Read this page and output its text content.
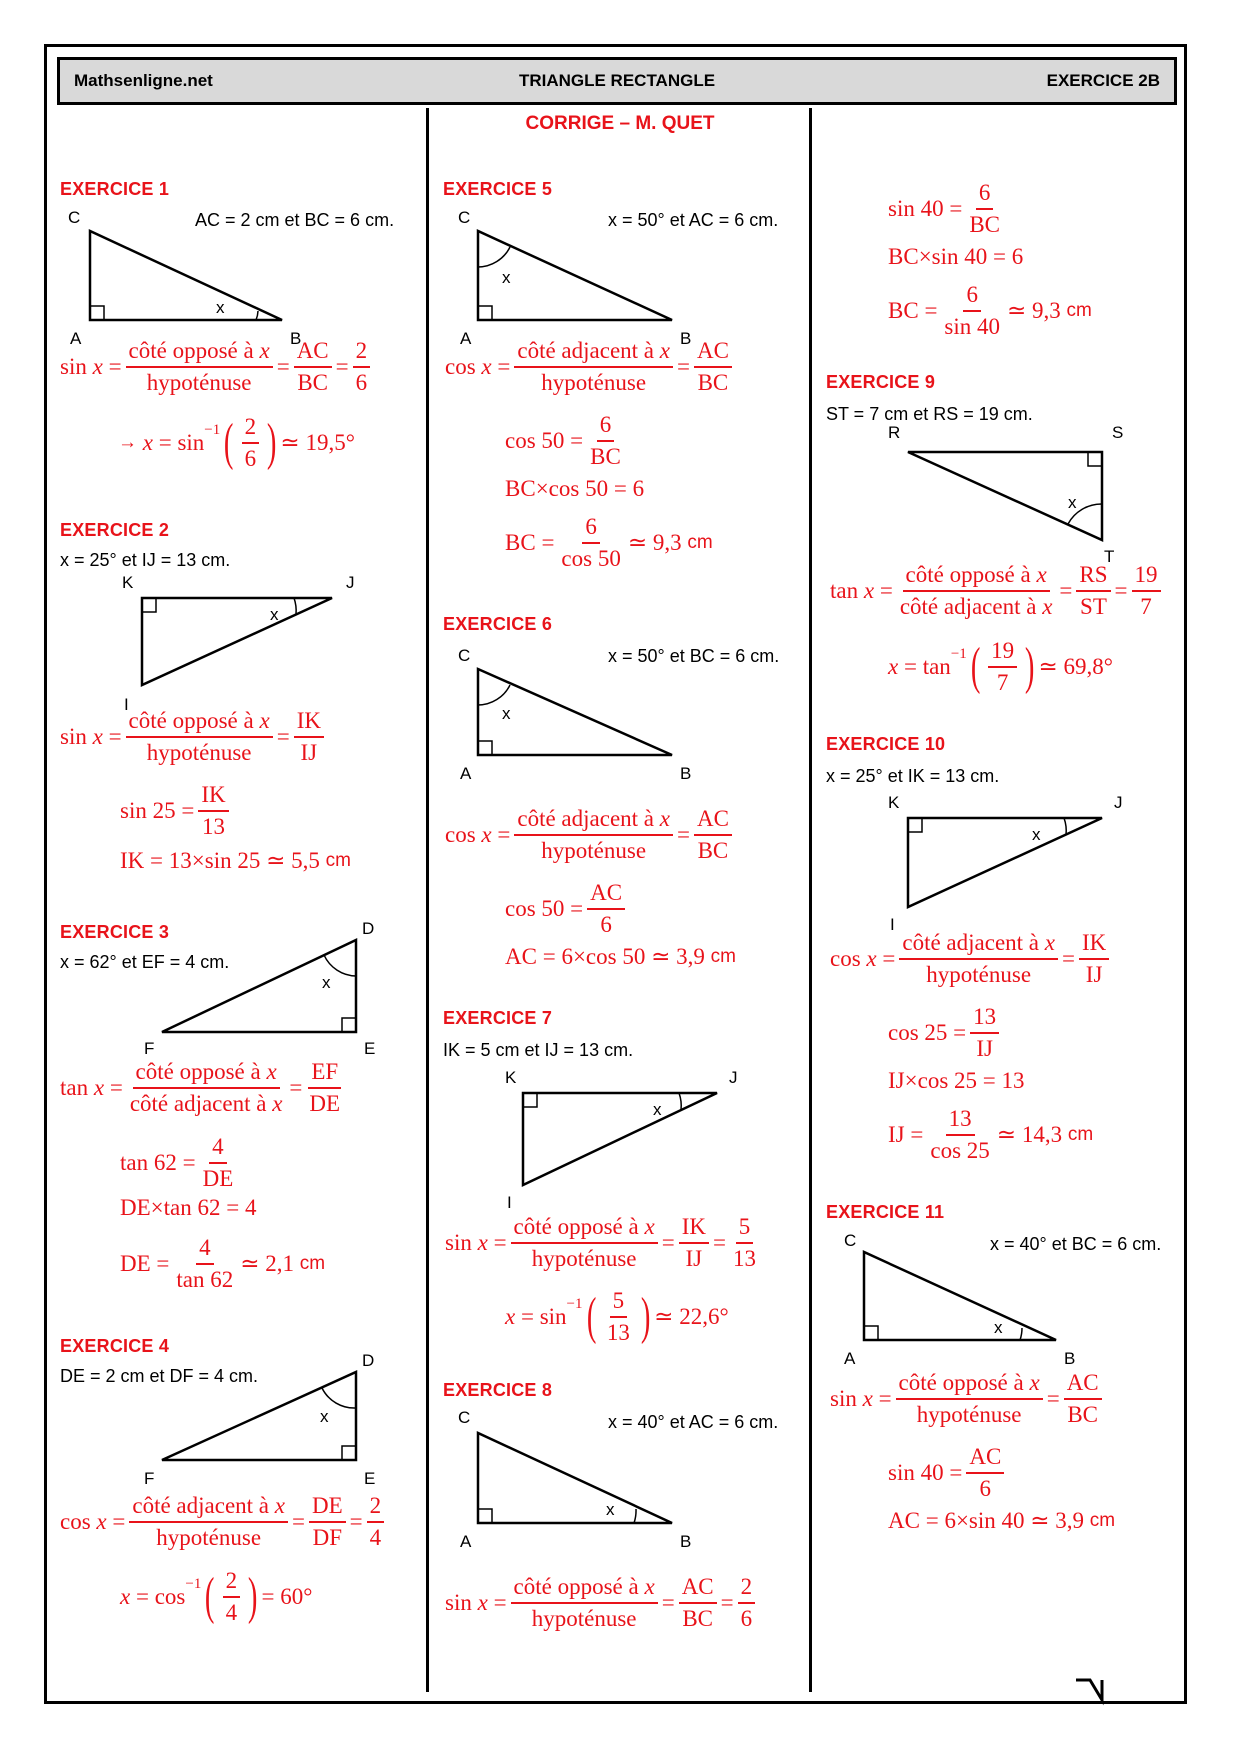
Mathsenligne.net	TRIANGLE RECTANGLE	EXERCICE 2B
CORRIGE – M. QUET
EXERCICE 1
AC = 2 cm et BC = 6 cm.
C
A	B
x
sin
x
= $\frac{\text{côté opposé à x}}{\text{hypoténuse}} = \frac{AC}{BC} = \frac{2}{6}$
→
x
=
sin −1 ( $\frac{2}{6}$ ) ≃
19,5 °
EXERCICE 2
x = 25° et IJ = 13 cm.
K	J
I
x
sin
x
= $\frac{\text{côté opposé à x}}{\text{hypoténuse}} = \frac{IK}{IJ}$
sin 25
= $\frac{IK}{13}$
IK
=
13 × sin 25
≃
5,5
cm
EXERCICE 3
x = 62° et EF = 4 cm.
D
F	E
x
tan
x
= $\frac{\text{côté opposé à x}}{\text{côté adjacent à x}} = \frac{EF}{DE}$
tan 62
= $\frac{4}{DE}$
DE × tan 62
=
4
DE
= $\frac{4}{\tan 62}$ ≃
2,1
cm
EXERCICE 4
DE = 2 cm et DF = 4 cm.
D
F	E
x
cos
x
= $\frac{\text{côté adjacent à x}}{\text{hypoténuse}} = \frac{DE}{DF} = \frac{2}{4}$
x
=
cos −1 ( $\frac{2}{4}$ ) =
60 °
EXERCICE 5
x = 50° et AC = 6 cm.
C
A	B
x
cos
x
= $\frac{\text{côté adjacent à x}}{\text{hypoténuse}} = \frac{AC}{BC}$
cos 50
= $\frac{6}{BC}$
BC × cos 50
=
6
BC
= $\frac{6}{\cos 50}$ ≃
9,3
cm
EXERCICE 6
x = 50° et BC = 6 cm.
C
A	B
x
cos
x
= $\frac{\text{côté adjacent à x}}{\text{hypoténuse}} = \frac{AC}{BC}$
cos 50
= $\frac{AC}{6}$
AC
=
6 × cos 50
≃
3,9
cm
EXERCICE 7
IK = 5 cm et IJ = 13 cm.
K	J
I
x
sin
x
= $\frac{\text{côté opposé à x}}{\text{hypoténuse}} = \frac{IK}{IJ} = \frac{5}{13}$
x
=
sin −1 ( $\frac{5}{13}$ ) ≃
22,6 °
EXERCICE 8
x = 40° et AC = 6 cm.
C
A	B
x
sin
x
= $\frac{\text{côté opposé à x}}{\text{hypoténuse}} = \frac{AC}{BC} = \frac{2}{6}$
sin 40
= $\frac{6}{BC}$
BC × sin 40
=
6
BC
= $\frac{6}{\sin 40}$ ≃
9,3
cm
EXERCICE 9
ST = 7 cm et RS = 19 cm.
R	S
T
x
tan
x
= $\frac{\text{côté opposé à x}}{\text{côté adjacent à x}} = \frac{RS}{ST} = \frac{19}{7}$
x
=
tan −1 ( $\frac{19}{7}$ ) ≃
69,8 °
EXERCICE 10
x = 25° et IK = 13 cm.
K	J
I
x
cos
x
= $\frac{\text{côté adjacent à x}}{\text{hypoténuse}} = \frac{IK}{IJ}$
cos 25
= $\frac{13}{IJ}$
IJ × cos 25
=
13
IJ
= $\frac{13}{\cos 25}$ ≃
14,3
cm
EXERCICE 11
x = 40° et BC = 6 cm.
C
A	B
x
sin
x
= $\frac{\text{côté opposé à x}}{\text{hypoténuse}} = \frac{AC}{BC}$
sin 40
= $\frac{AC}{6}$
AC
=
6 × sin 40
≃
3,9
cm
